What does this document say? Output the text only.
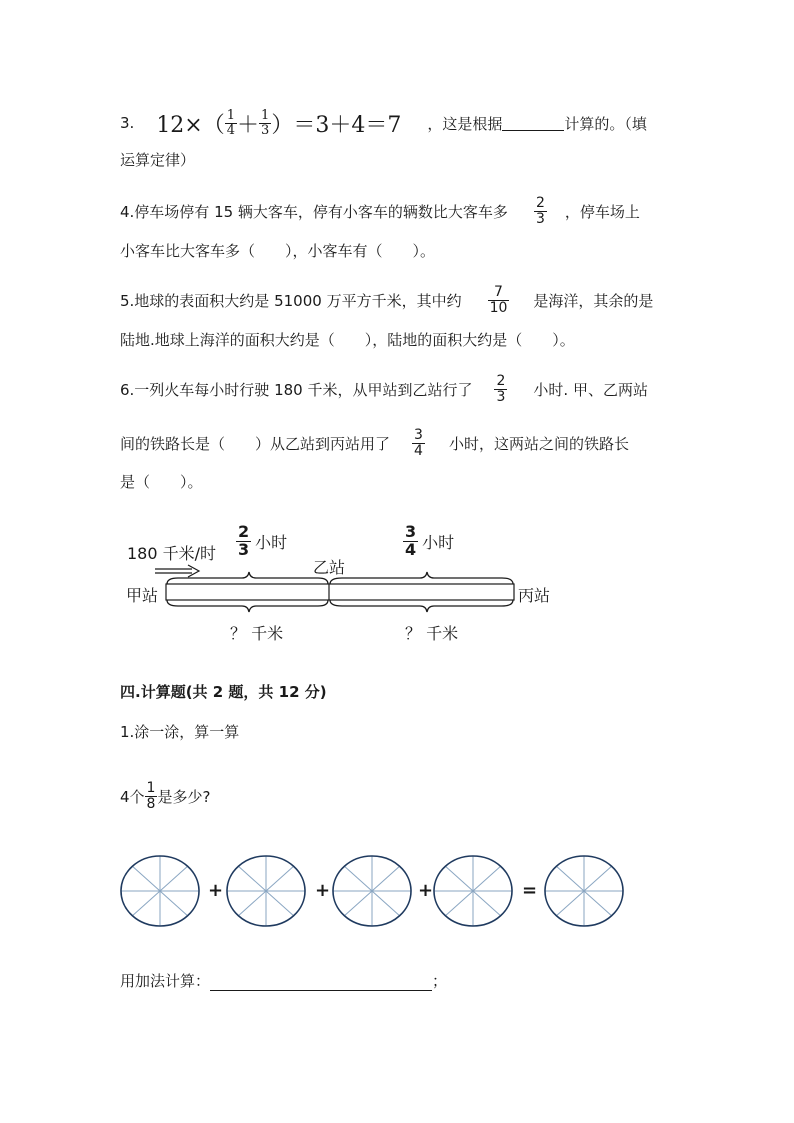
3. $12\times( \frac{1}{4} + \frac{1}{3} )=3+4=7$ ，这是根据	计算的。（填
运算定律）
4.停车场停有 15 辆大客车，停有小客车的辆数比大客车多 $\frac{2}{3}$ ，停车场上
小客车比大客车多（　　），小客车有（　　）。
5.地球的表面积大约是 51000 万平方千米，其中约 $\frac{7}{10}$ 是海洋，其余的是
陆地.地球上海洋的面积大约是（　　），陆地的面积大约是（　　）。
6.一列火车每小时行驶 180 千米，从甲站到乙站行了 $\frac{2}{3}$ 小时. 甲、乙两站
间的铁路长是（　　）从乙站到丙站用了 $\frac{3}{4}$ 小时，这两站之间的铁路长
是（　　）。
180 千米/时 $\frac{2}{3}$ 小时	$\frac{3}{4}$ 小时
甲站
乙站
丙站
？ 千米	？ 千米
四.计算题(共 2 题，共 12 分)
1.涂一涂，算一算
4个 $\frac{1}{8}$ 是多少?
+	+	+	=
用加法计算：	；
